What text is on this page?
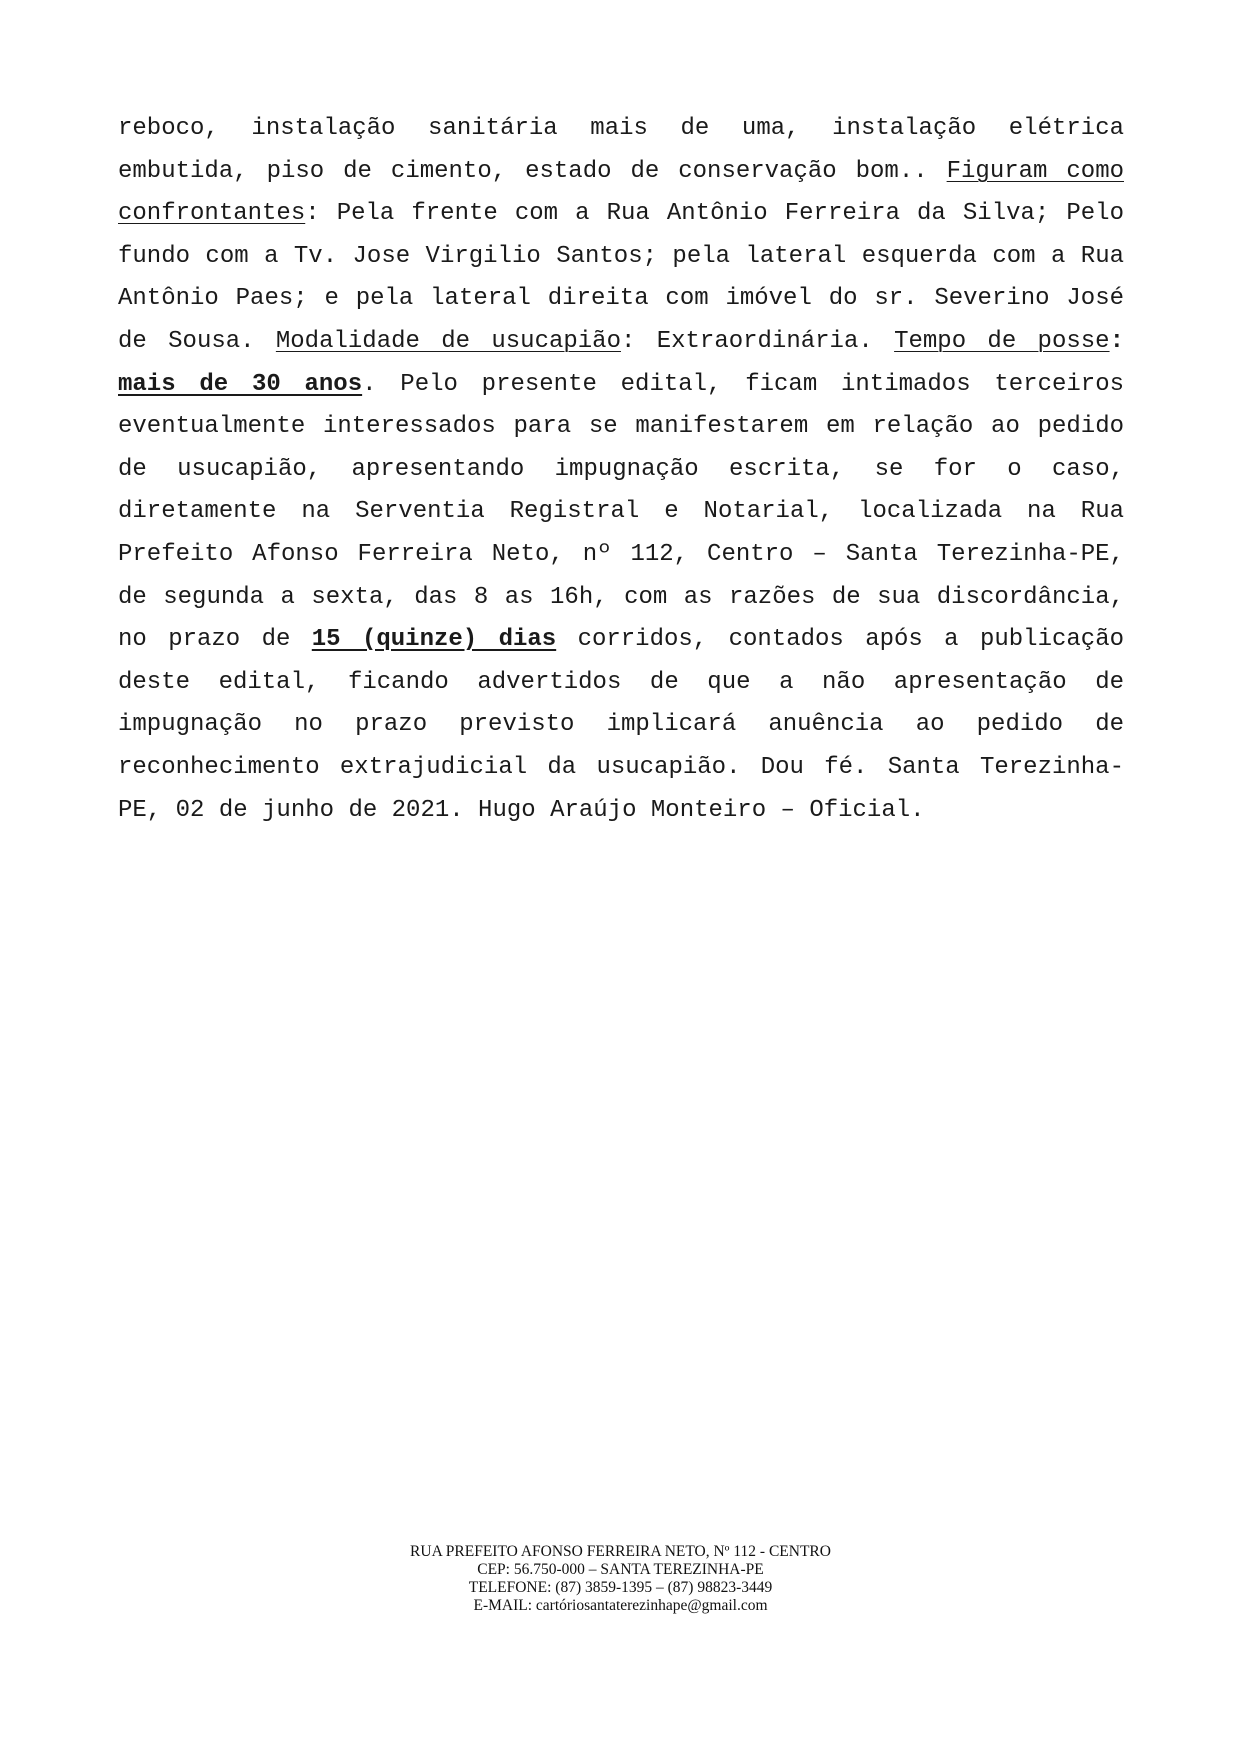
reboco, instalação sanitária mais de uma, instalação elétrica embutida, piso de cimento, estado de conservação bom.. Figuram como confrontantes: Pela frente com a Rua Antônio Ferreira da Silva; Pelo fundo com a Tv. Jose Virgilio Santos; pela lateral esquerda com a Rua Antônio Paes; e pela lateral direita com imóvel do sr. Severino José de Sousa. Modalidade de usucapião: Extraordinária. Tempo de posse: mais de 30 anos. Pelo presente edital, ficam intimados terceiros eventualmente interessados para se manifestarem em relação ao pedido de usucapião, apresentando impugnação escrita, se for o caso, diretamente na Serventia Registral e Notarial, localizada na Rua Prefeito Afonso Ferreira Neto, nº 112, Centro – Santa Terezinha-PE, de segunda a sexta, das 8 as 16h, com as razões de sua discordância, no prazo de 15 (quinze) dias corridos, contados após a publicação deste edital, ficando advertidos de que a não apresentação de impugnação no prazo previsto implicará anuência ao pedido de reconhecimento extrajudicial da usucapião. Dou fé. Santa Terezinha-PE, 02 de junho de 2021. Hugo Araújo Monteiro – Oficial.

RUA PREFEITO AFONSO FERREIRA NETO, Nº 112 - CENTRO
CEP: 56.750-000 – SANTA TEREZINHA-PE
TELEFONE: (87) 3859-1395 – (87) 98823-3449
E-MAIL: cartóriosantaterezinhape@gmail.com
